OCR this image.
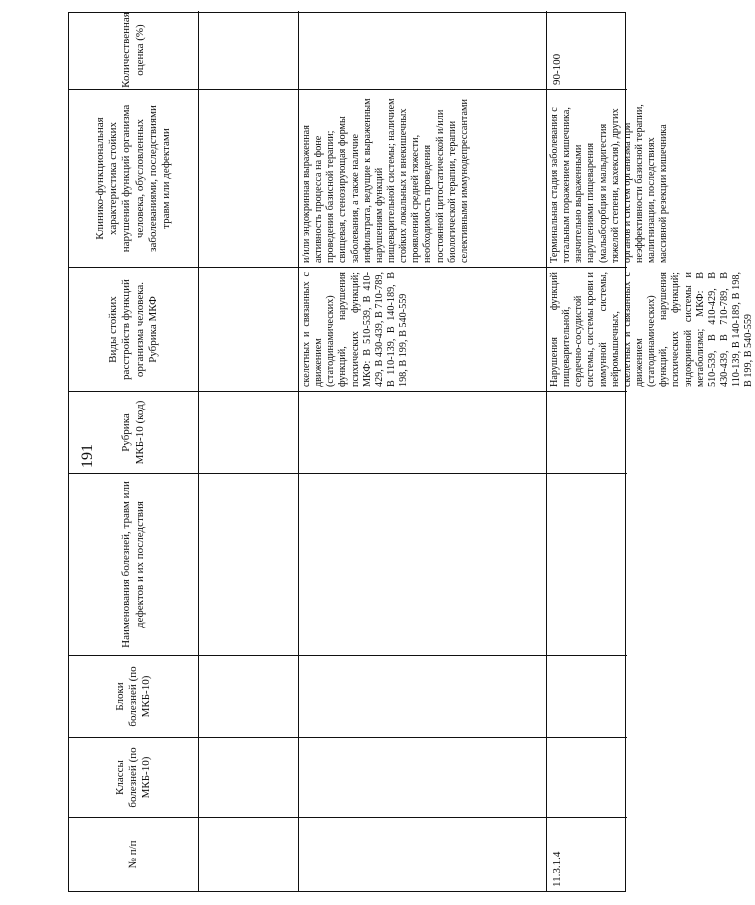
191
№ п/п
Классы болезней (по МКБ-10)
Блоки болезней (по МКБ-10)
Наименования болезней, травм или дефектов и их последствия
Рубрика МКБ-10 (код)
Виды стойких расстройств функций организма человека. Рубрика МКФ
Клинико-функциональная характеристика стойких нарушений функций организма человека, обусловленных заболеваниями, последствиями травм или дефектами
Количественная оценка (%)
скелетных и связанных с движением (статодинамических) функций, нарушения психических функций; МКФ: B 510-539, B 410-429, B 430-439, B 710-789, B 110-139, B 140-189, B 198, B 199, B 540-559
и/или эндокринная выраженная активность процесса на фоне проведения базисной терапии; свищевая, стенозирующая формы заболевания, а также наличие инфильтрата, ведущие к выраженным нарушениям функций пищеварительной системы; наличием стойких локальных и внекишечных проявлений средней тяжести, необходимость проведения постоянной цитостатической и/или биологической терапии, терапии селективными иммунодепрессантами
11.3.1.4
Нарушения функций пищеварительной, сердечно-сосудистой системы, системы крови и иммунной системы, нейромышечных, скелетных и связанных с движением (статодинамических) функций, нарушения психических функций; эндокринной системы и метаболизма; МКФ: B 510-539, B 410-429, B 430-439, B 710-789, B 110-139, B 140-189, B 198, B 199, B 540-559
Терминальная стадия заболевания с тотальным поражением кишечника, значительно выраженными нарушениями пищеварения (мальабсорбция и мальдигестия тяжелой степени, кахексия), других органов и систем организма при неэффективности базисной терапии, малигнизации, последствиях массивной резекции кишечника
90-100
